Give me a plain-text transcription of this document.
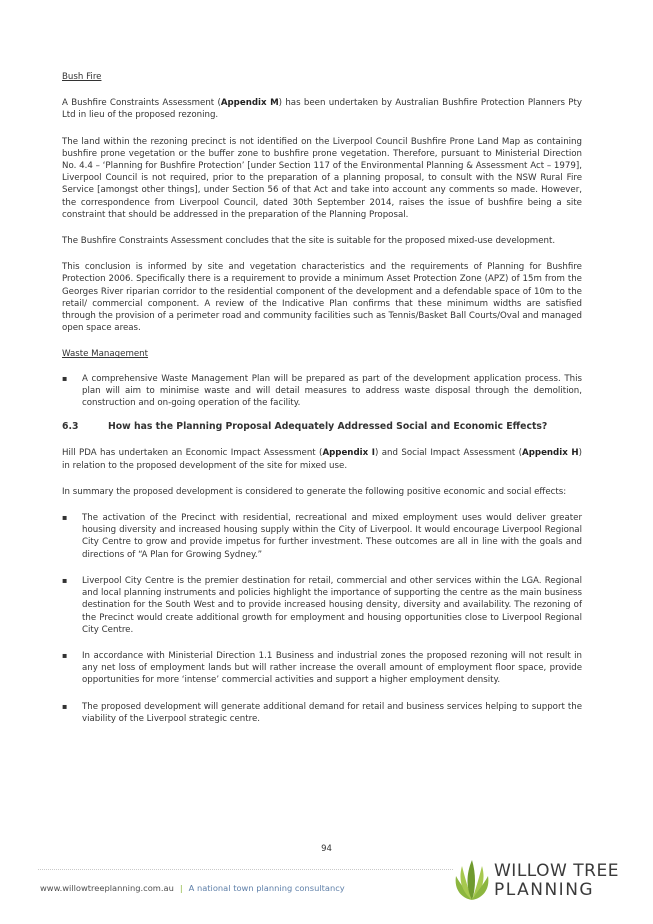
Bush Fire

A Bushfire Constraints Assessment (Appendix M) has been undertaken by Australian Bushfire Protection Planners Pty Ltd in lieu of the proposed rezoning.

The land within the rezoning precinct is not identified on the Liverpool Council Bushfire Prone Land Map as containing bushfire prone vegetation or the buffer zone to bushfire prone vegetation. Therefore, pursuant to Ministerial Direction No. 4.4 – ‘Planning for Bushfire Protection’ [under Section 117 of the Environmental Planning & Assessment Act – 1979], Liverpool Council is not required, prior to the preparation of a planning proposal, to consult with the NSW Rural Fire Service [amongst other things], under Section 56 of that Act and take into account any comments so made. However, the correspondence from Liverpool Council, dated 30th September 2014, raises the issue of bushfire being a site constraint that should be addressed in the preparation of the Planning Proposal.

The Bushfire Constraints Assessment concludes that the site is suitable for the proposed mixed-use development.

This conclusion is informed by site and vegetation characteristics and the requirements of Planning for Bushfire Protection 2006. Specifically there is a requirement to provide a minimum Asset Protection Zone (APZ) of 15m from the Georges River riparian corridor to the residential component of the development and a defendable space of 10m to the retail/ commercial component. A review of the Indicative Plan confirms that these minimum widths are satisfied through the provision of a perimeter road and community facilities such as Tennis/Basket Ball Courts/Oval and managed open space areas.

Waste Management

▪	A comprehensive Waste Management Plan will be prepared as part of the development application process. This plan will aim to minimise waste and will detail measures to address waste disposal through the demolition, construction and on-going operation of the facility.
6.3	How has the Planning Proposal Adequately Addressed Social and Economic Effects?

Hill PDA has undertaken an Economic Impact Assessment (Appendix I) and Social Impact Assessment (Appendix H) in relation to the proposed development of the site for mixed use.

In summary the proposed development is considered to generate the following positive economic and social effects:

▪	The activation of the Precinct with residential, recreational and mixed employment uses would deliver greater housing diversity and increased housing supply within the City of Liverpool. It would encourage Liverpool Regional City Centre to grow and provide impetus for further investment. These outcomes are all in line with the goals and directions of “A Plan for Growing Sydney.”
▪	Liverpool City Centre is the premier destination for retail, commercial and other services within the LGA. Regional and local planning instruments and policies highlight the importance of supporting the centre as the main business destination for the South West and to provide increased housing density, diversity and availability. The rezoning of the Precinct would create additional growth for employment and housing opportunities close to Liverpool Regional City Centre.
▪	In accordance with Ministerial Direction 1.1 Business and industrial zones the proposed rezoning will not result in any net loss of employment lands but will rather increase the overall amount of employment floor space, provide opportunities for more ‘intense’ commercial activities and support a higher employment density.
▪	The proposed development will generate additional demand for retail and business services helping to support the viability of the Liverpool strategic centre.
94
www.willowtreeplanning.com.au | A national town planning consultancy
WILLOW TREE
PLANNING
